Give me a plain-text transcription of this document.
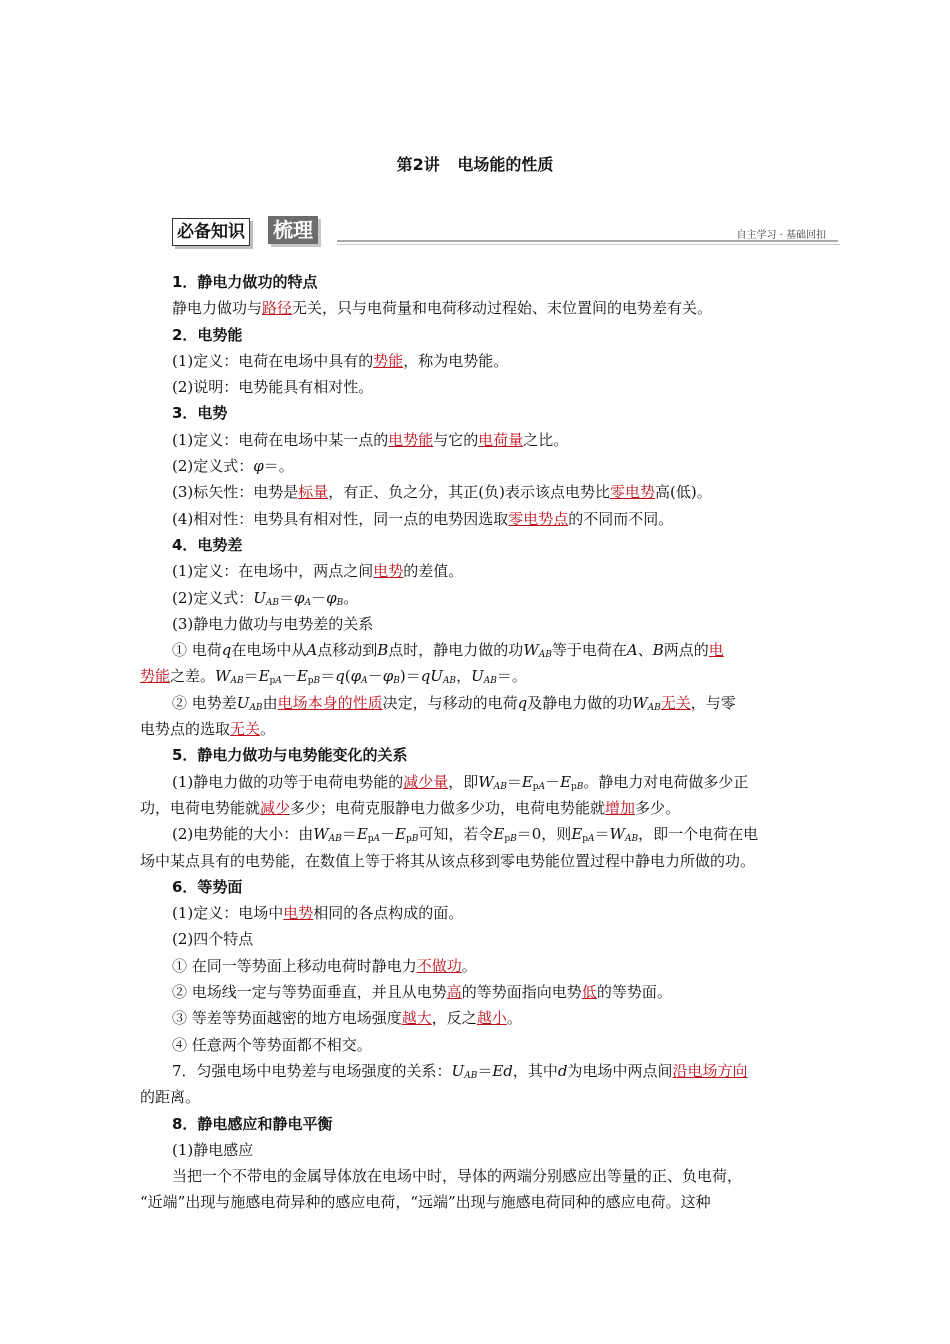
第2讲 电场能的性质
必备知识 梳理	自主学习 · 基础回扣
1．静电力做功的特点
静电力做功与路径无关，只与电荷量和电荷移动过程始、末位置间的电势差有关。
2．电势能
(1)定义：电荷在电场中具有的势能，称为电势能。
(2)说明：电势能具有相对性。
3．电势
(1)定义：电荷在电场中某一点的电势能与它的电荷量之比。
(2)定义式：φ＝。
(3)标矢性：电势是标量，有正、负之分，其正(负)表示该点电势比零电势高(低)。
(4)相对性：电势具有相对性，同一点的电势因选取零电势点的不同而不同。
4．电势差
(1)定义：在电场中，两点之间电势的差值。
(2)定义式：$U_{AB}=\varphi_A-\varphi_B$。
(3)静电力做功与电势差的关系
① 电荷q在电场中从A点移动到B点时，静电力做的功$W_{AB}$等于电荷在A、B两点的电
势能之差。$W_{AB}=E_{pA}-E_{pB}=q(\varphi_A-\varphi_B)=qU_{AB}$，$U_{AB}=$。
② 电势差$U_{AB}$由电场本身的性质决定，与移动的电荷q及静电力做的功$W_{AB}$无关，与零
电势点的选取无关。
5．静电力做功与电势能变化的关系
(1)静电力做的功等于电荷电势能的减少量，即$W_{AB}=E_{pA}-E_{pB}$。静电力对电荷做多少正
功，电荷电势能就减少多少；电荷克服静电力做多少功，电荷电势能就增加多少。
(2)电势能的大小：由$W_{AB}=E_{pA}-E_{pB}$可知，若令$E_{pB}=0$，则$E_{pA}=W_{AB}$，即一个电荷在电
场中某点具有的电势能，在数值上等于将其从该点移到零电势能位置过程中静电力所做的功。
6．等势面
(1)定义：电场中电势相同的各点构成的面。
(2)四个特点
① 在同一等势面上移动电荷时静电力不做功。
② 电场线一定与等势面垂直，并且从电势高的等势面指向电势低的等势面。
③ 等差等势面越密的地方电场强度越大，反之越小。
④ 任意两个等势面都不相交。
7．匀强电场中电势差与电场强度的关系：$U_{AB}=Ed$，其中d为电场中两点间沿电场方向
的距离。
8．静电感应和静电平衡
(1)静电感应
当把一个不带电的金属导体放在电场中时，导体的两端分别感应出等量的正、负电荷，
“近端”出现与施感电荷异种的感应电荷，“远端”出现与施感电荷同种的感应电荷。这种
